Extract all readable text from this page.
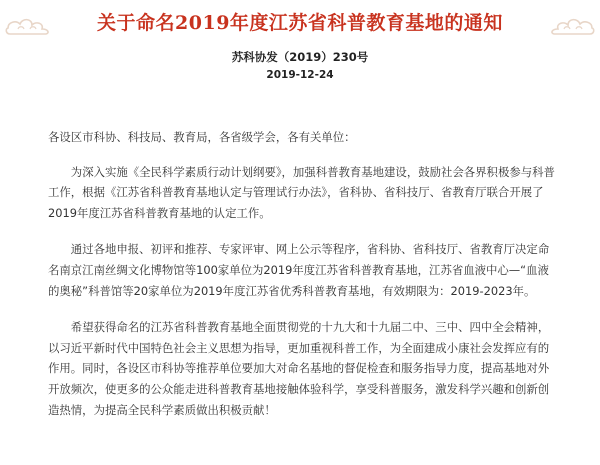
关于命名2019年度江苏省科普教育基地的通知
苏科协发（2019）230号
2019-12-24

各设区市科协、科技局、教育局，各省级学会，各有关单位：

为深入实施《全民科学素质行动计划纲要》，加强科普教育基地建设，鼓励社会各界积极参与科普工作，根据《江苏省科普教育基地认定与管理试行办法》，省科协、省科技厅、省教育厅联合开展了2019年度江苏省科普教育基地的认定工作。

通过各地申报、初评和推荐、专家评审、网上公示等程序，省科协、省科技厅、省教育厅决定命名南京江南丝绸文化博物馆等100家单位为2019年度江苏省科普教育基地，江苏省血液中心—“血液的奥秘”科普馆等20家单位为2019年度江苏省优秀科普教育基地，有效期限为：2019-2023年。

希望获得命名的江苏省科普教育基地全面贯彻党的十九大和十九届二中、三中、四中全会精神，以习近平新时代中国特色社会主义思想为指导，更加重视科普工作，为全面建成小康社会发挥应有的作用。同时，各设区市科协等推荐单位要加大对命名基地的督促检查和服务指导力度，提高基地对外开放频次，使更多的公众能走进科普教育基地接触体验科学，享受科普服务，激发科学兴趣和创新创造热情，为提高全民科学素质做出积极贡献！
